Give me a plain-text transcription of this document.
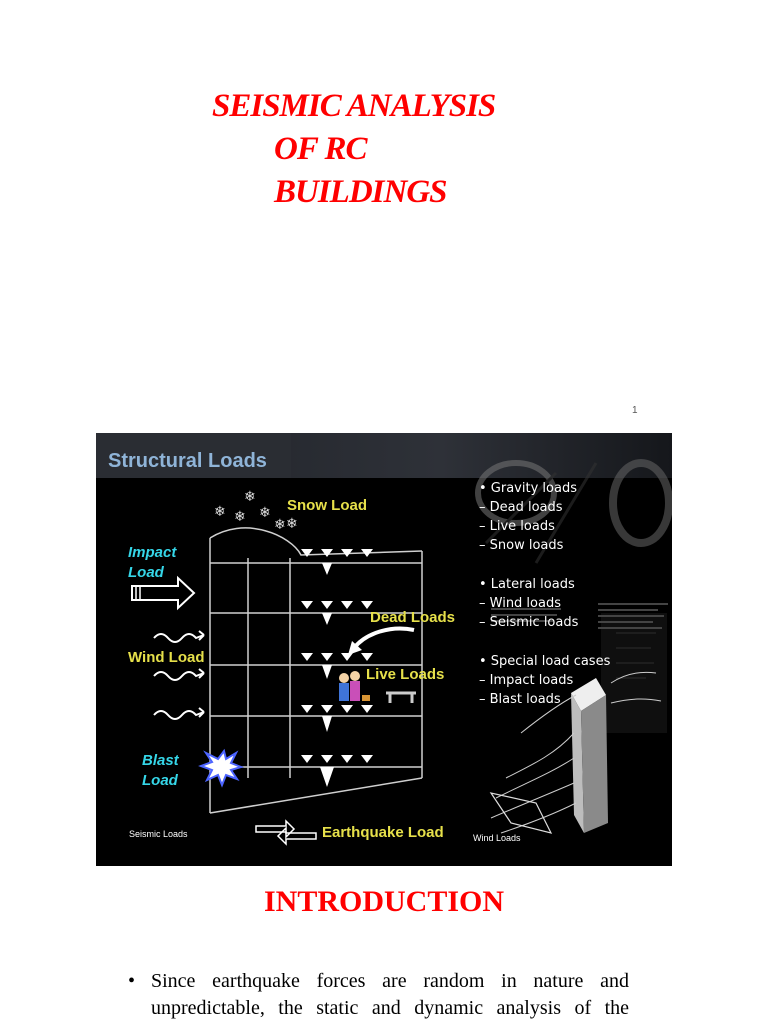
SEISMIC ANALYSIS
OF RC
BUILDINGS
1
Structural Loads
❄
❄ ❄ ❄
❄ ❄
Snow Load
Impact
Load
Wind Load
Dead Loads
Live Loads
Blast
Load
Earthquake Load
Seismic Loads	Wind Loads
• Gravity loads
– Dead loads
– Live loads
– Snow loads
• Lateral loads
– Wind loads
– Seismic loads
• Special load cases
– Impact loads
– Blast loads
INTRODUCTION
• Since earthquake forces are random in nature and
unpredictable, the static and dynamic analysis of the
